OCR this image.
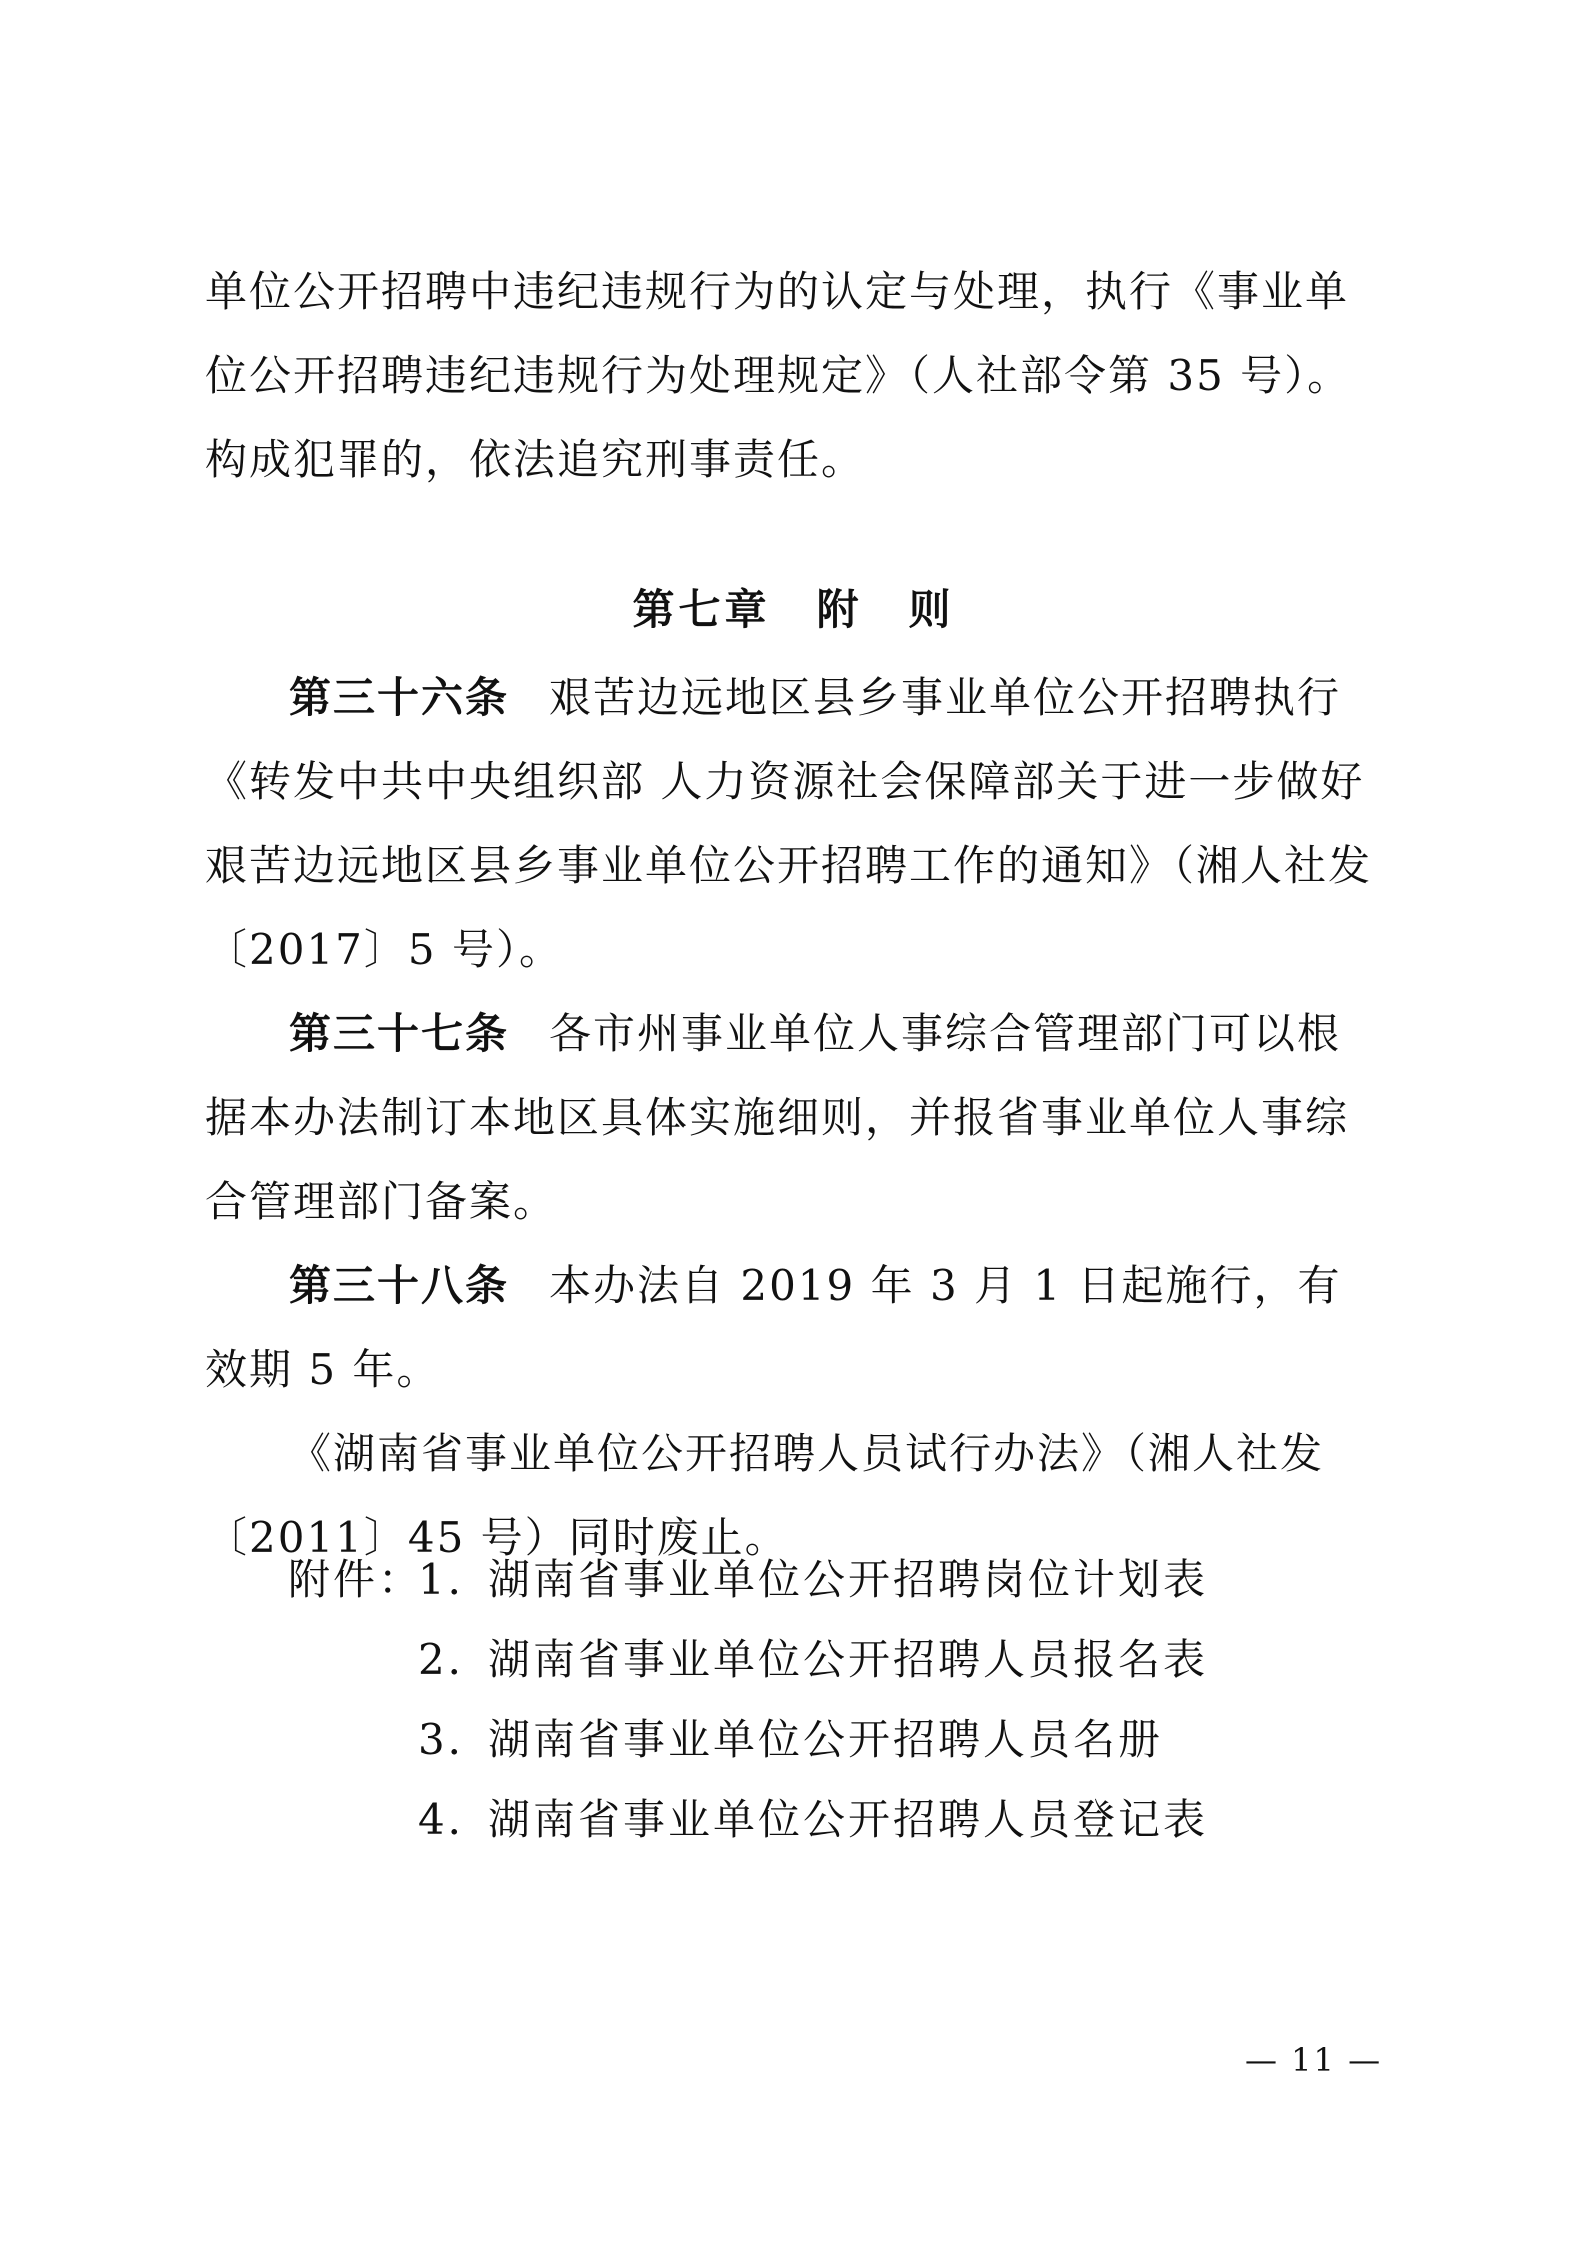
单位公开招聘中违纪违规行为的认定与处理，执行《事业单位公开招聘违纪违规行为处理规定》（人社部令第 35 号）。构成犯罪的，依法追究刑事责任。

第七章　附　则

第三十六条 艰苦边远地区县乡事业单位公开招聘执行《转发中共中央组织部 人力资源社会保障部关于进一步做好艰苦边远地区县乡事业单位公开招聘工作的通知》（湘人社发〔2017〕5 号）。

第三十七条 各市州事业单位人事综合管理部门可以根据本办法制订本地区具体实施细则，并报省事业单位人事综合管理部门备案。

第三十八条 本办法自 2019 年 3 月 1 日起施行，有效期 5 年。

《湖南省事业单位公开招聘人员试行办法》（湘人社发〔2011〕45 号）同时废止。

附件：
1．
湖南省事业单位公开招聘岗位计划表
2．
湖南省事业单位公开招聘人员报名表
3．
湖南省事业单位公开招聘人员名册
4．
湖南省事业单位公开招聘人员登记表
— 11 —
